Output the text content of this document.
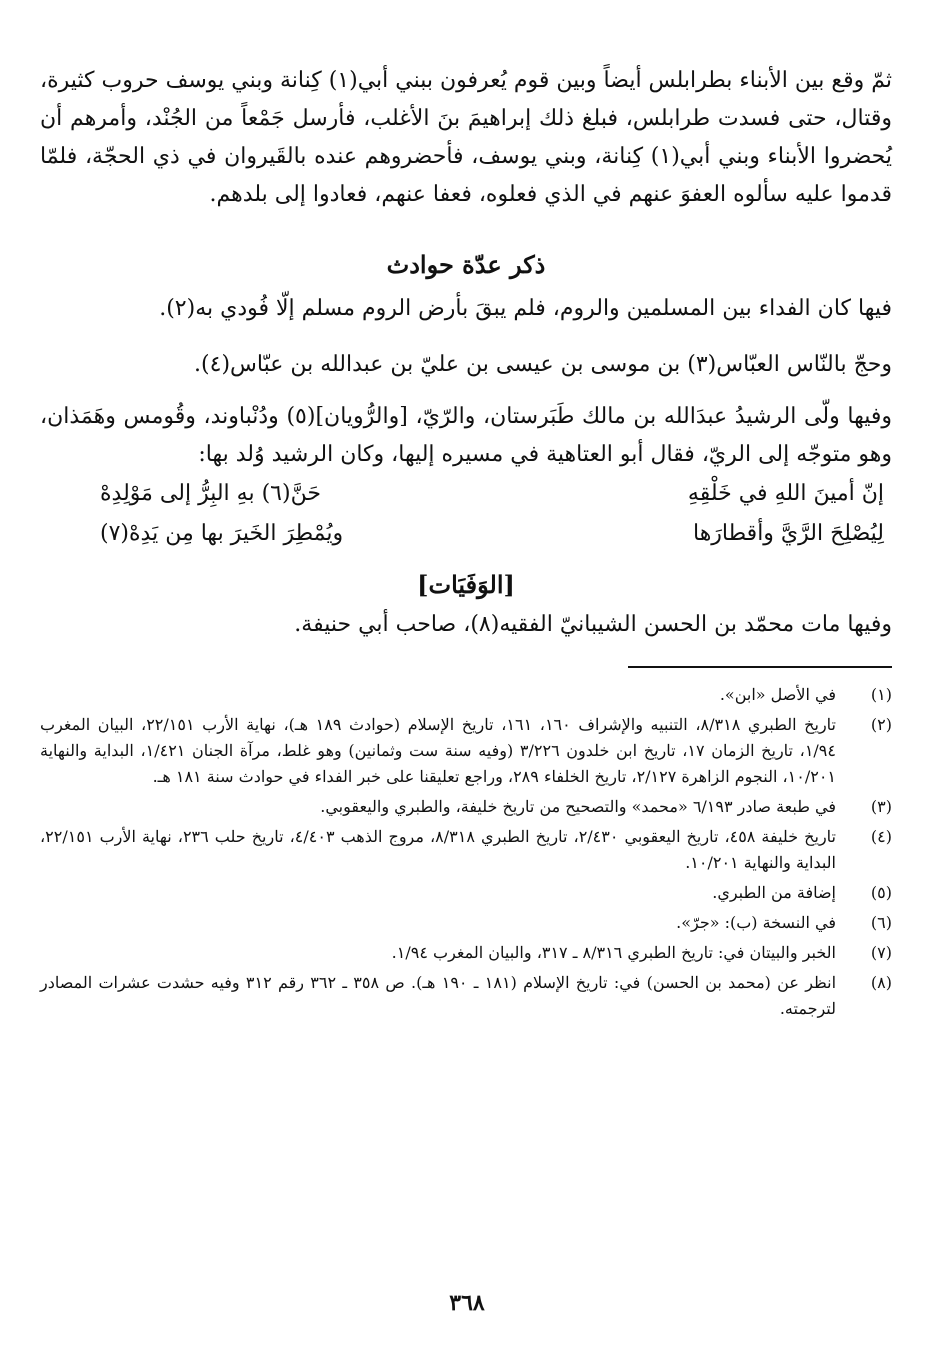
ثمّ وقع بين الأبناء بطرابلس أيضاً وبين قوم يُعرفون ببني أبي(١) كِنانة وبني يوسف حروب كثيرة، وقتال، حتى فسدت طرابلس، فبلغ ذلك إبراهيمَ بنَ الأغلب، فأرسل جَمْعاً من الجُنْد، وأمرهم أن يُحضروا الأبناء وبني أبي(١) كِنانة، وبني يوسف، فأحضروهم عنده بالقَيروان في ذي الحجّة، فلمّا قدموا عليه سألوه العفوَ عنهم في الذي فعلوه، فعفا عنهم، فعادوا إلى بلدهم.

ذكر عدّة حوادث

فيها كان الفداء بين المسلمين والروم، فلم يبقَ بأرض الروم مسلم إلّا فُودي به(٢).

وحجّ بالنّاس العبّاس(٣) بن موسى بن عيسى بن عليّ بن عبدالله بن عبّاس(٤).

وفيها ولّى الرشيدُ عبدَالله بن مالك طَبَرستان، والرّيّ، [والرُّويان](٥) ودُنْباوند، وقُومس وهَمَذان، وهو متوجّه إلى الريّ، فقال أبو العتاهية في مسيره إليها، وكان الرشيد وُلد بها:

إنّ أمينَ اللهِ في خَلْقِهِ
حَنَّ(٦) بهِ البِرُّ إلى مَوْلِدِهْ
لِيُصْلِحَ الرَّيَّ وأقطارَها
ويُمْطِرَ الخَيرَ بها مِن يَدِهْ(٧)
[الوَفَيَات]

وفيها مات محمّد بن الحسن الشيبانيّ الفقيه(٨)، صاحب أبي حنيفة.

(١)
في الأصل «ابن».
(٢)
تاريخ الطبري ٨/٣١٨، التنبيه والإشراف ١٦٠، ١٦١، تاريخ الإسلام (حوادث ١٨٩ هـ)، نهاية الأرب ٢٢/١٥١، البيان المغرب ١/٩٤، تاريخ الزمان ١٧، تاريخ ابن خلدون ٣/٢٢٦ (وفيه سنة ست وثمانين) وهو غلط، مرآة الجنان ١/٤٢١، البداية والنهاية ١٠/٢٠١، النجوم الزاهرة ٢/١٢٧، تاريخ الخلفاء ٢٨٩، وراجع تعليقنا على خبر الفداء في حوادث سنة ١٨١ هـ.
(٣)
في طبعة صادر ٦/١٩٣ «محمد» والتصحيح من تاريخ خليفة، والطبري واليعقوبي.
(٤)
تاريخ خليفة ٤٥٨، تاريخ اليعقوبي ٢/٤٣٠، تاريخ الطبري ٨/٣١٨، مروج الذهب ٤/٤٠٣، تاريخ حلب ٢٣٦، نهاية الأرب ٢٢/١٥١، البداية والنهاية ١٠/٢٠١.
(٥)
إضافة من الطبري.
(٦)
في النسخة (ب): «جرّ».
(٧)
الخبر والبيتان في: تاريخ الطبري ٨/٣١٦ ـ ٣١٧، والبيان المغرب ١/٩٤.
(٨)
انظر عن (محمد بن الحسن) في: تاريخ الإسلام (١٨١ ـ ١٩٠ هـ). ص ٣٥٨ ـ ٣٦٢ رقم ٣١٢ وفيه حشدت عشرات المصادر لترجمته.
٣٦٨
